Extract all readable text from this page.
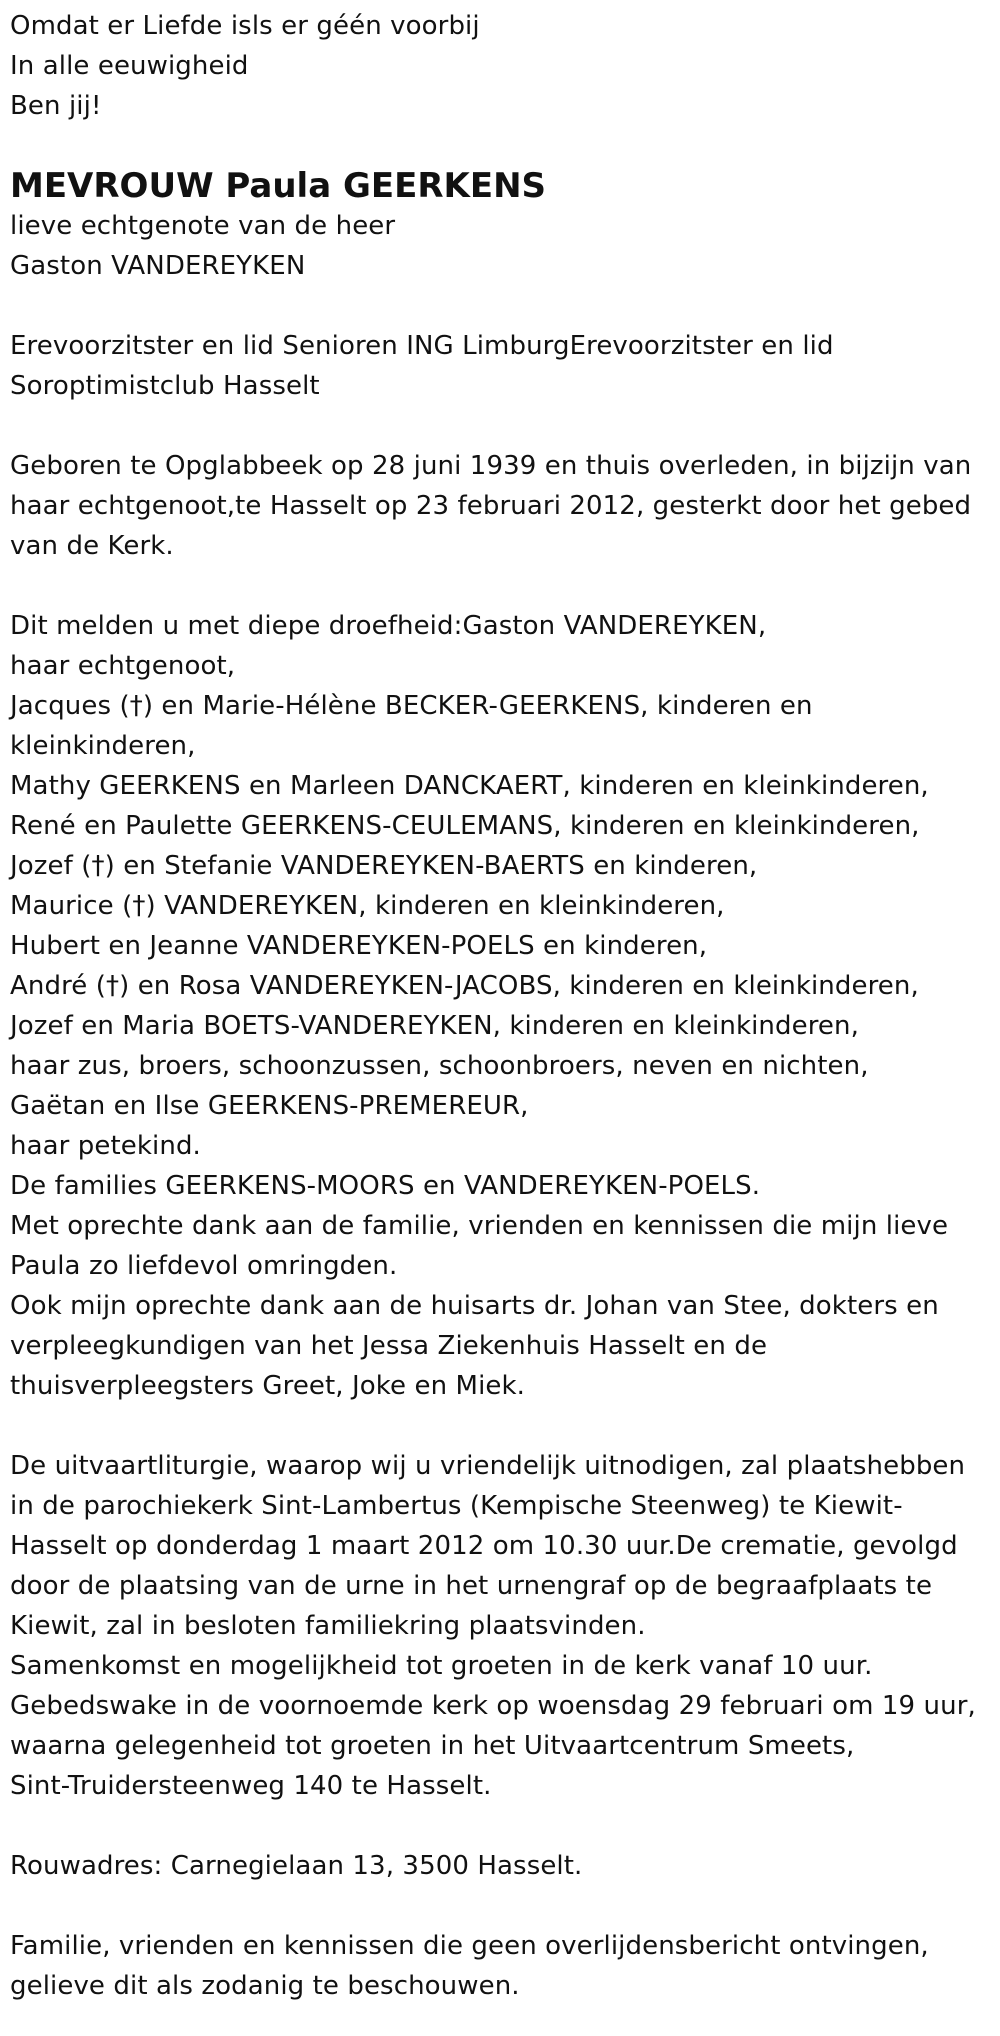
Omdat er Liefde isls er géén voorbij
In alle eeuwigheid
Ben jij!
MEVROUW Paula GEERKENS
lieve echtgenote van de heer
Gaston VANDEREYKEN
Erevoorzitster en lid Senioren ING LimburgErevoorzitster en lid
Soroptimistclub Hasselt
Geboren te Opglabbeek op 28 juni 1939 en thuis overleden, in bijzijn van
haar echtgenoot,te Hasselt op 23 februari 2012, gesterkt door het gebed
van de Kerk.
Dit melden u met diepe droefheid:Gaston VANDEREYKEN,
haar echtgenoot,
Jacques (†) en Marie-Hélène BECKER-GEERKENS, kinderen en
kleinkinderen,
Mathy GEERKENS en Marleen DANCKAERT, kinderen en kleinkinderen,
René en Paulette GEERKENS-CEULEMANS, kinderen en kleinkinderen,
Jozef (†) en Stefanie VANDEREYKEN-BAERTS en kinderen,
Maurice (†) VANDEREYKEN, kinderen en kleinkinderen,
Hubert en Jeanne VANDEREYKEN-POELS en kinderen,
André (†) en Rosa VANDEREYKEN-JACOBS, kinderen en kleinkinderen,
Jozef en Maria BOETS-VANDEREYKEN, kinderen en kleinkinderen,
haar zus, broers, schoonzussen, schoonbroers, neven en nichten,
Gaëtan en Ilse GEERKENS-PREMEREUR,
haar petekind.
De families GEERKENS-MOORS en VANDEREYKEN-POELS.
Met oprechte dank aan de familie, vrienden en kennissen die mijn lieve
Paula zo liefdevol omringden.
Ook mijn oprechte dank aan de huisarts dr. Johan van Stee, dokters en
verpleegkundigen van het Jessa Ziekenhuis Hasselt en de
thuisverpleegsters Greet, Joke en Miek.
De uitvaartliturgie, waarop wij u vriendelijk uitnodigen, zal plaatshebben
in de parochiekerk Sint-Lambertus (Kempische Steenweg) te Kiewit-
Hasselt op donderdag 1 maart 2012 om 10.30 uur.De crematie, gevolgd
door de plaatsing van de urne in het urnengraf op de begraafplaats te
Kiewit, zal in besloten familiekring plaatsvinden.
Samenkomst en mogelijkheid tot groeten in de kerk vanaf 10 uur.
Gebedswake in de voornoemde kerk op woensdag 29 februari om 19 uur,
waarna gelegenheid tot groeten in het Uitvaartcentrum Smeets,
Sint-Truidersteenweg 140 te Hasselt.
Rouwadres: Carnegielaan 13, 3500 Hasselt.
Familie, vrienden en kennissen die geen overlijdensbericht ontvingen,
gelieve dit als zodanig te beschouwen.
